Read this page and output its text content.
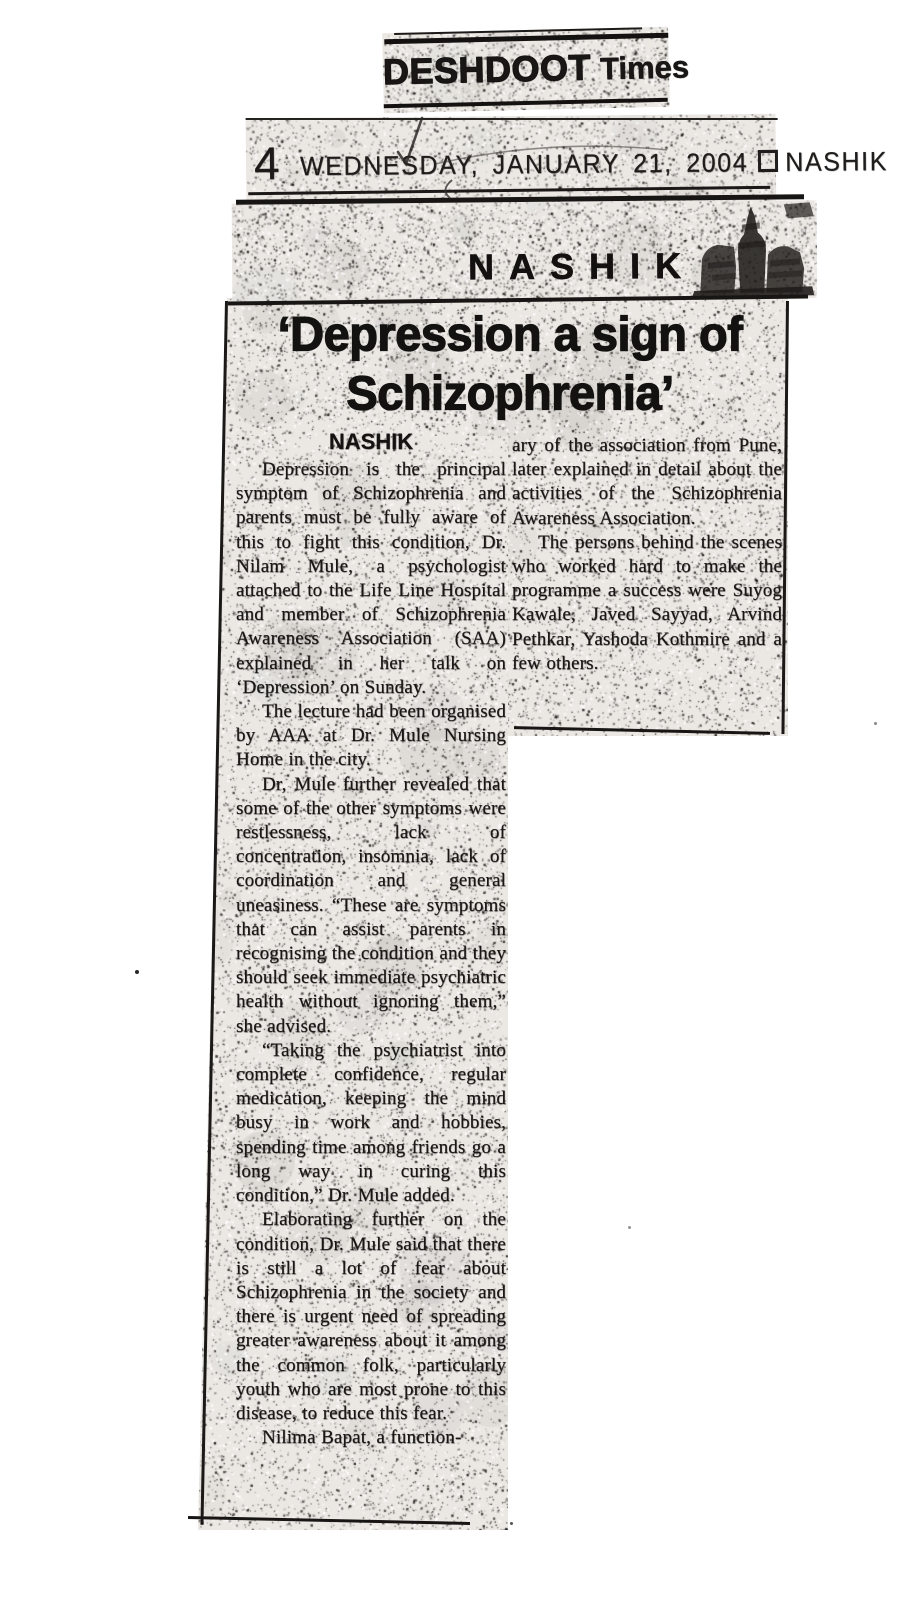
DESHDOOT Times
4 WEDNESDAY, JANUARY 21, 2004 NASHIK
NASHIK
‘Depression a sign of
Schizophrenia’
NASHIK

Depression is the principal symptom of Schizophrenia and parents must be fully aware of this to fight this condition, Dr. Nilam Mule, a psychologist attached to the Life Line Hospital and member of Schizophrenia Awareness Association (SAA) explained in her talk on ‘Depression’ on Sunday.

The lecture had been organised by AAA at Dr. Mule Nursing Home in the city.

Dr, Mule further revealed that some of the other symptoms were restlessness, lack of concentration, insomnia, lack of coordination and general uneasiness. “These are symptoms that can assist parents in recognising the condition and they should seek immediate psychiatric health without ignoring them,” she advised.

“Taking the psychiatrist into complete confidence, regular medication, keeping the mind busy in work and hobbies, spending time among friends go a long way in curing this condition,” Dr. Mule added.

Elaborating further on the condition, Dr. Mule said that there is still a lot of fear about Schizophrenia in the society and there is urgent need of spreading greater awareness about it among the common folk, particularly youth who are most prone to this disease, to reduce this fear.

Nilima Bapat, a function-

ary of the association from Pune, later explained in detail about the activities of the Schizophrenia Awareness Association.

The persons behind the scenes who worked hard to make the programme a success were Suyog Kawale, Javed Sayyad, Arvind Pethkar, Yashoda Kothmire and a few others.
